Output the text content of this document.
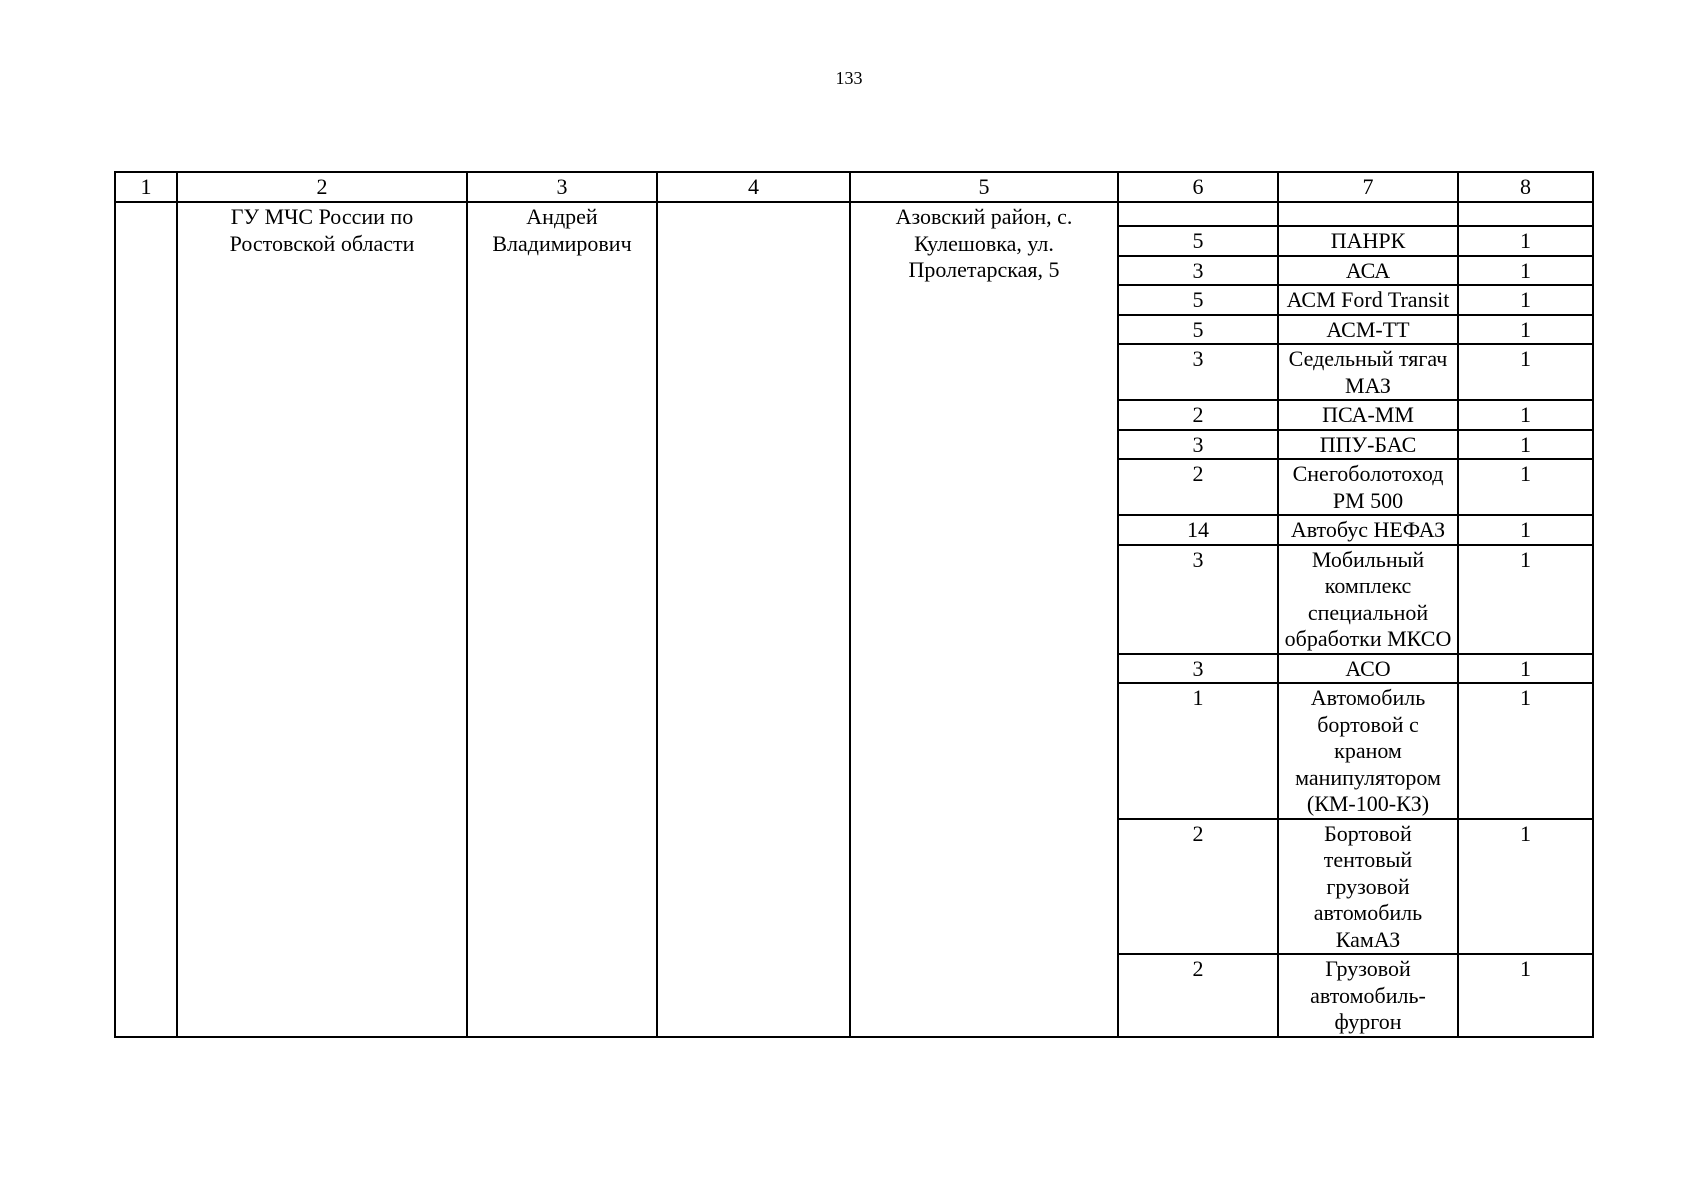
133
1	2	3	4	5	6	7	8
	ГУ МЧС России по Ростовской области	Андрей Владимирович		Азовский район, с. Кулешовка, ул. Пролетарская, 5			
					5	ПАНРК	1
					3	АСА	1
					5	АСМ Ford Transit	1
					5	АСМ-ТТ	1
					3	Седельный тягач МАЗ	1
					2	ПСА-ММ	1
					3	ППУ-БАС	1
					2	Снегоболотоход РМ 500	1
					14	Автобус НЕФАЗ	1
					3	Мобильный комплекс специальной обработки МКСО	1
					3	АСО	1
					1	Автомобиль бортовой с краном манипулятором (КМ-100-КЗ)	1
					2	Бортовой тентовый грузовой автомобиль КамАЗ	1
					2	Грузовой автомобиль-фургон	1
